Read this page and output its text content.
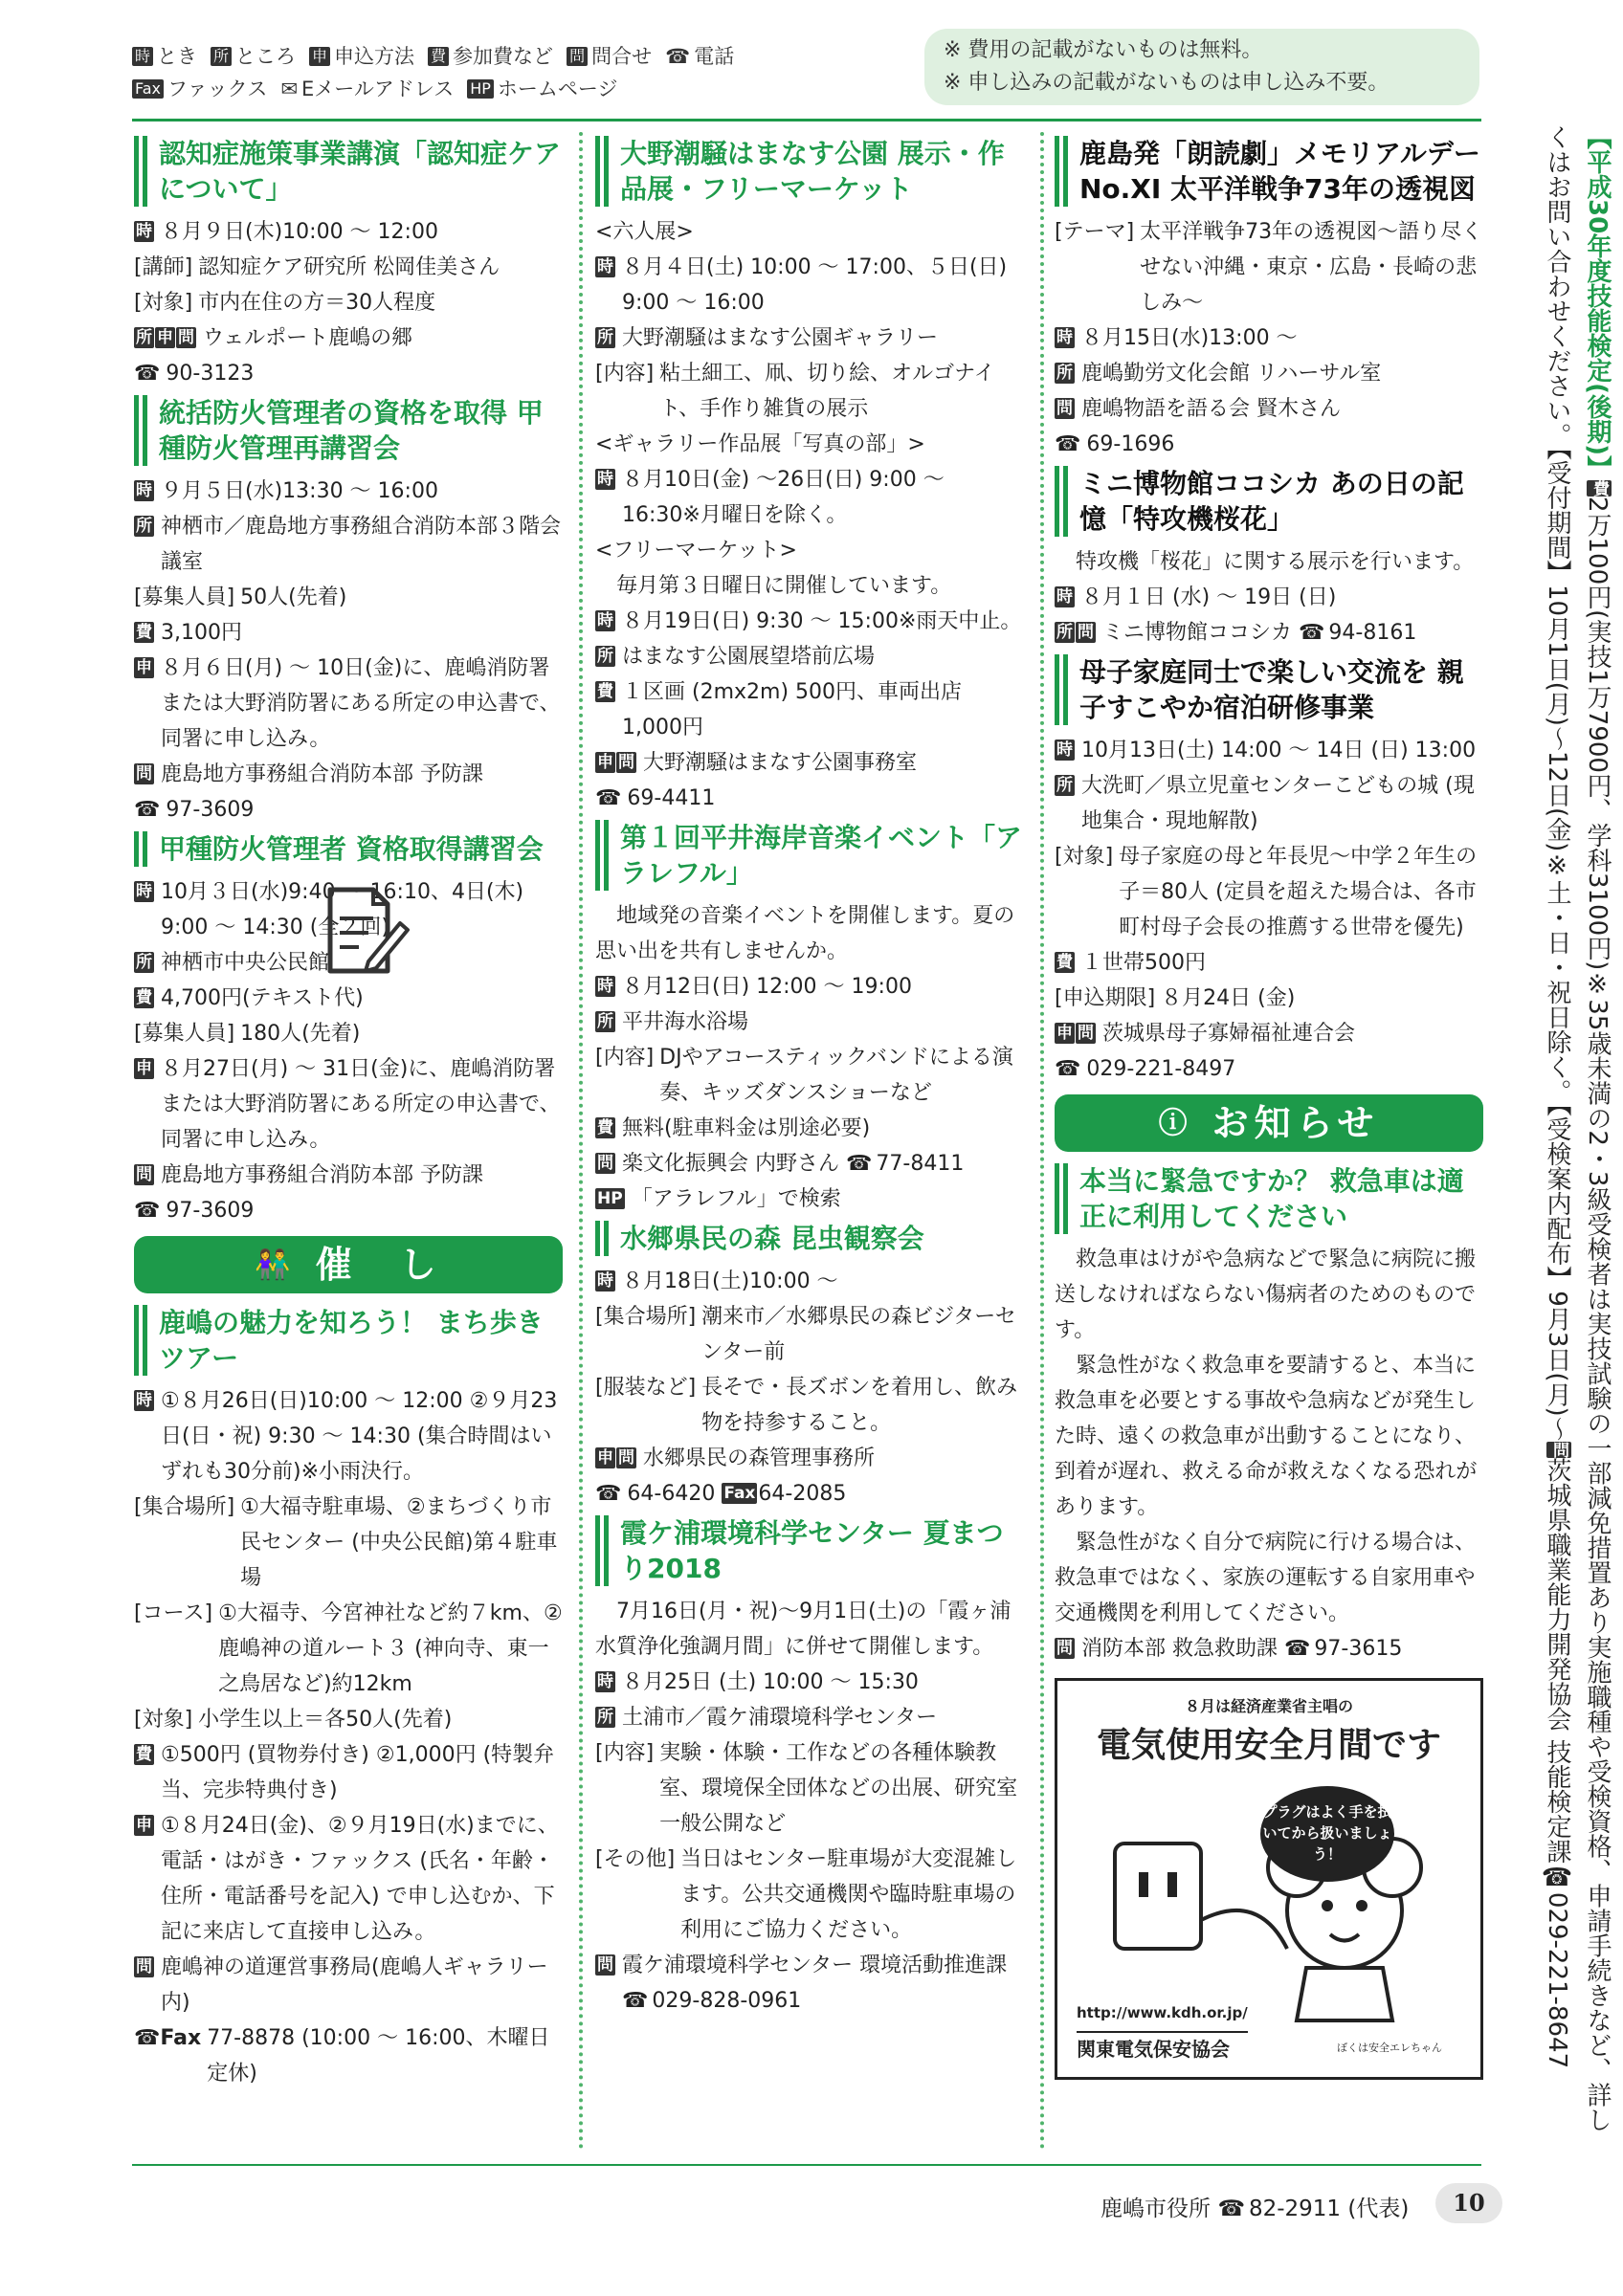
時 とき 所 ところ 申 申込方法 費 参加費など 問 問合せ ☎ 電話
Fax ファックス ✉ Eメールアドレス HP ホームページ
※ 費用の記載がないものは無料。
※ 申し込みの記載がないものは申し込み不要。
認知症施策事業講演「認知症ケアについて」
時 ８月９日(木)10:00 ～ 12:00
[講師] 認知症ケア研究所 松岡佳美さん
[対象] 市内在住の方＝30人程度
所 申 問 ウェルポート鹿嶋の郷
☎ 90-3123
統括防火管理者の資格を取得 甲種防火管理再講習会
時 ９月５日(水)13:30 ～ 16:00
所 神栖市／鹿島地方事務組合消防本部３階会議室
[募集人員] 50人(先着)
費 3,100円
申 ８月６日(月) ～ 10日(金)に、鹿嶋消防署または大野消防署にある所定の申込書で、同署に申し込み。
問 鹿島地方事務組合消防本部 予防課
☎ 97-3609
甲種防火管理者 資格取得講習会
時 10月３日(水)9:40 ～ 16:10、4日(木) 9:00 ～ 14:30 (全２回)
所 神栖市中央公民館
費 4,700円(テキスト代)
[募集人員] 180人(先着)
申 ８月27日(月) ～ 31日(金)に、鹿嶋消防署または大野消防署にある所定の申込書で、同署に申し込み。
問 鹿島地方事務組合消防本部 予防課
☎ 97-3609
👫 催　し
鹿嶋の魅力を知ろう！ まち歩きツアー
時 ①８月26日(日)10:00 ～ 12:00 ②９月23日(日・祝) 9:30 ～ 14:30 (集合時間はいずれも30分前)※小雨決行。
[集合場所] ①大福寺駐車場、②まちづくり市民センター (中央公民館)第４駐車場
[コース] ①大福寺、今宮神社など約７km、②鹿嶋神の道ルート３ (神向寺、東一之鳥居など)約12km
[対象] 小学生以上＝各50人(先着)
費 ①500円 (買物券付き) ②1,000円 (特製弁当、完歩特典付き)
申 ①８月24日(金)、②９月19日(水)までに、電話・はがき・ファックス (氏名・年齢・住所・電話番号を記入) で申し込むか、下記に来店して直接申し込み。
問 鹿嶋神の道運営事務局(鹿嶋人ギャラリー内)
☎Fax 77-8878 (10:00 ～ 16:00、木曜日定休)
大野潮騒はまなす公園 展示・作品展・フリーマーケット
<六人展>
時 ８月４日(土) 10:00 ～ 17:00、５日(日) 9:00 ～ 16:00
所 大野潮騒はまなす公園ギャラリー
[内容] 粘土細工、凧、切り絵、オルゴナイト、手作り雑貨の展示
<ギャラリー作品展「写真の部」>
時 ８月10日(金) ～26日(日) 9:00 ～ 16:30※月曜日を除く。
<フリーマーケット>
毎月第３日曜日に開催しています。
時 ８月19日(日) 9:30 ～ 15:00※雨天中止。
所 はまなす公園展望塔前広場
費 １区画 (2mx2m) 500円、車両出店 1,000円
申 問 大野潮騒はまなす公園事務室
☎ 69-4411
第１回平井海岸音楽イベント「アラレフル」
地域発の音楽イベントを開催します。夏の思い出を共有しませんか。
時 ８月12日(日) 12:00 ～ 19:00
所 平井海水浴場
[内容] DJやアコースティックバンドによる演奏、キッズダンスショーなど
費 無料(駐車料金は別途必要)
問 楽文化振興会 内野さん ☎ 77-8411
HP 「アラレフル」で検索
水郷県民の森 昆虫観察会
時 ８月18日(土)10:00 ～
[集合場所] 潮来市／水郷県民の森ビジターセンター前
[服装など] 長そで・長ズボンを着用し、飲み物を持参すること。
申 問 水郷県民の森管理事務所
☎ 64-6420 Fax 64-2085
霞ケ浦環境科学センター 夏まつり2018
7月16日(月・祝)～9月1日(土)の「霞ヶ浦水質浄化強調月間」に併せて開催します。
時 ８月25日 (土) 10:00 ～ 15:30
所 土浦市／霞ケ浦環境科学センター
[内容] 実験・体験・工作などの各種体験教室、環境保全団体などの出展、研究室一般公開など
[その他] 当日はセンター駐車場が大変混雑します。公共交通機関や臨時駐車場の利用にご協力ください。
問 霞ケ浦環境科学センター 環境活動推進課 ☎ 029-828-0961
鹿島発「朗読劇」メモリアルデー No.XI 太平洋戦争73年の透視図
[テーマ] 太平洋戦争73年の透視図～語り尽くせない沖縄・東京・広島・長崎の悲しみ～
時 ８月15日(水)13:00 ～
所 鹿嶋勤労文化会館 リハーサル室
問 鹿嶋物語を語る会 賢木さん
☎ 69-1696
ミニ博物館ココシカ あの日の記憶「特攻機桜花」
特攻機「桜花」に関する展示を行います。
時 ８月１日 (水) ～ 19日 (日)
所 問 ミニ博物館ココシカ ☎ 94-8161
母子家庭同士で楽しい交流を 親子すこやか宿泊研修事業
時 10月13日(土) 14:00 ～ 14日 (日) 13:00
所 大洗町／県立児童センターこどもの城 (現地集合・現地解散)
[対象] 母子家庭の母と年長児～中学２年生の子＝80人 (定員を超えた場合は、各市町村母子会長の推薦する世帯を優先)
費 １世帯500円
[申込期限] ８月24日 (金)
申 問 茨城県母子寡婦福祉連合会
☎ 029-221-8497
ⓘ お知らせ
本当に緊急ですか？ 救急車は適正に利用してください
救急車はけがや急病などで緊急に病院に搬送しなければならない傷病者のためのものです。
緊急性がなく救急車を要請すると、本当に救急車を必要とする事故や急病などが発生した時、遠くの救急車が出動することになり、到着が遅れ、救える命が救えなくなる恐れがあります。
緊急性がなく自分で病院に行ける場合は、救急車ではなく、家族の運転する自家用車や交通機関を利用してください。
問 消防本部 救急救助課 ☎ 97-3615
８月は経済産業省主唱の
電気使用安全月間です
プラグはよく手を拭いてから扱いましょう！
http://www.kdh.or.jp/
関東電気保安協会	ぼくは安全エレちゃん
【平成30年度技能検定(後期)】費2万100円(実技1万7900円、学科3100円)※35歳未満の2・3級受検者は実技試験の一部減免措置あり実施職種や受検資格、申請手続きなど、詳しくはお問い合わせください。【受付期間】10月1日(月)～12日(金)※土・日・祝日除く。【受検案内配布】9月3日(月)～問茨城県職業能力開発協会 技能検定課☎029-221-8647
鹿嶋市役所 ☎ 82-2911 (代表)	10
